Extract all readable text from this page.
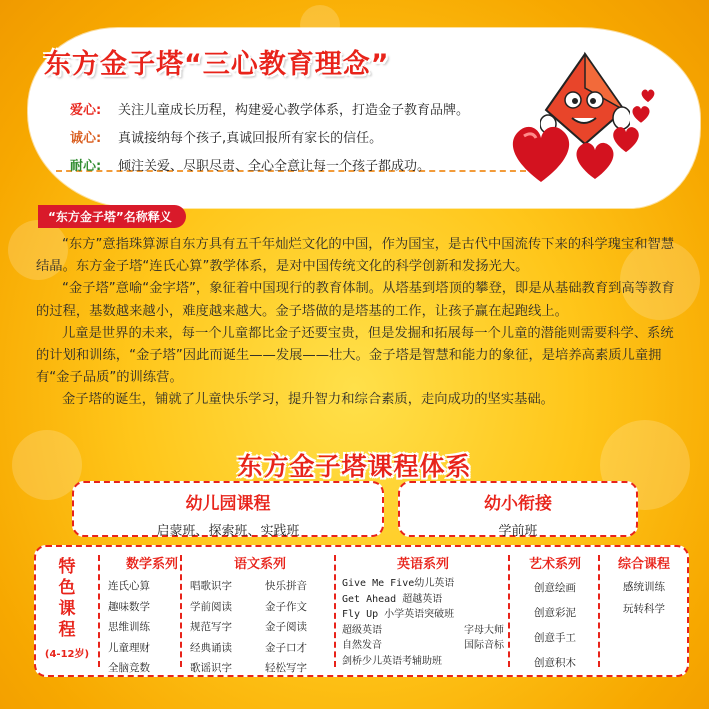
东方金子塔“三心教育理念”
爱心:	关注儿童成长历程，构建爱心教学体系，打造金子教育品牌。
诚心:	真诚接纳每个孩子,真诚回报所有家长的信任。
耐心:	倾注关爱、尽职尽责、全心全意让每一个孩子都成功。
“东方金子塔”名称释义

“东方”意指珠算源自东方具有五千年灿烂文化的中国，作为国宝，是古代中国流传下来的科学瑰宝和智慧结晶。东方金子塔“连氏心算”教学体系，是对中国传统文化的科学创新和发扬光大。

“金子塔”意喻“金字塔”，象征着中国现行的教育体制。从塔基到塔顶的攀登，即是从基础教育到高等教育的过程，基数越来越小，难度越来越大。金子塔做的是塔基的工作，让孩子赢在起跑线上。

儿童是世界的未来，每一个儿童都比金子还要宝贵，但是发掘和拓展每一个儿童的潜能则需要科学、系统的计划和训练，“金子塔”因此而诞生——发展——壮大。金子塔是智慧和能力的象征，是培养高素质儿童拥有“金子品质”的训练营。

金子塔的诞生，铺就了儿童快乐学习，提升智力和综合素质，走向成功的坚实基础。

东方金子塔课程体系
幼儿园课程
启蒙班、探索班、实践班
幼小衔接
学前班
特
色
课
程
(4-12岁)
数学系列
连氏心算
趣味数学
思维训练
儿童理财
全脑竞数
语文系列
唱歌识字	快乐拼音
学前阅读	金子作文
规范写字	金子阅读
经典诵读	金子口才
歌谣识字	轻松写字
英语系列
Give Me Five幼儿英语
Get Ahead 超越英语
Fly Up 小学英语突破班
超级英语	字母大师
自然发音	国际音标
剑桥少儿英语考辅助班
艺术系列
创意绘画
创意彩泥
创意手工
创意积木
综合课程
感统训练
玩转科学
